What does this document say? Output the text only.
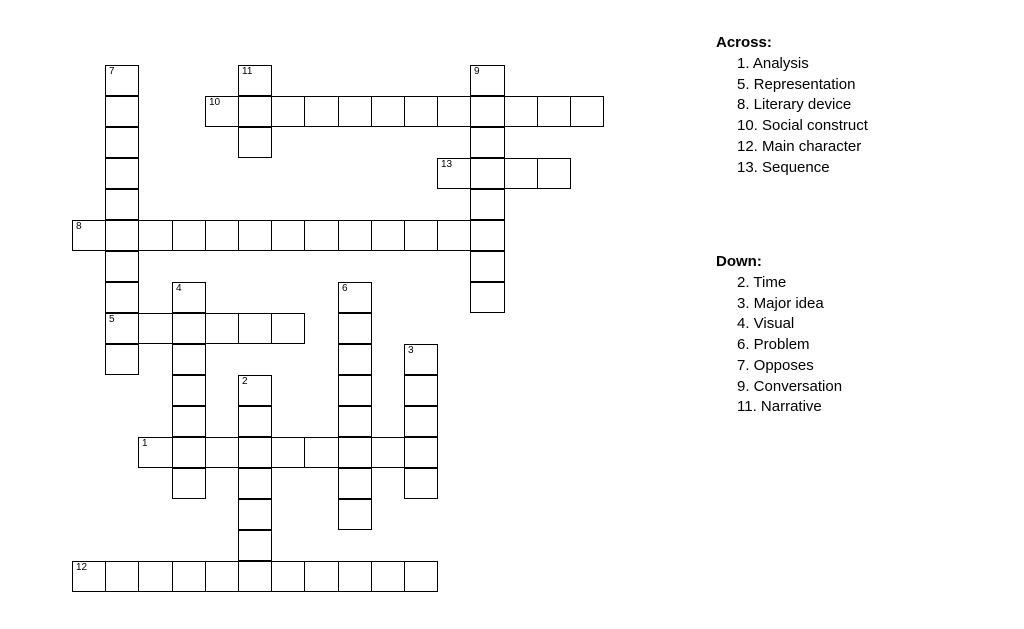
1
5
8
10
12
13
2
3
4	6
7	9
11
Across:
1. Analysis
5. Representation
8. Literary device
10. Social construct
12. Main character
13. Sequence
Down:
2. Time
3. Major idea
4. Visual
6. Problem
7. Opposes
9. Conversation
11. Narrative
